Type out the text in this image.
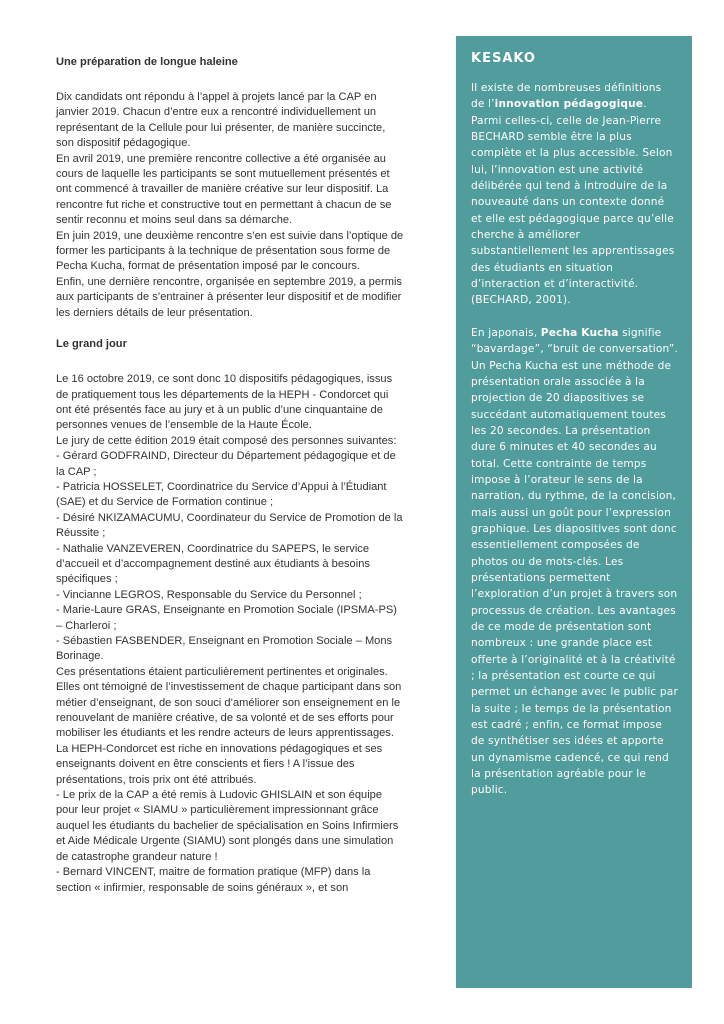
Une préparation de longue haleine

Dix candidats ont répondu à l’appel à projets lancé par la CAP en janvier 2019. Chacun d’entre eux a rencontré individuellement un représentant de la Cellule pour lui présenter, de manière succincte, son dispositif pédagogique.

En avril 2019, une première rencontre collective a été organisée au cours de laquelle les participants se sont mutuellement présentés et ont commencé à travailler de manière créative sur leur dispositif. La rencontre fut riche et constructive tout en permettant à chacun de se sentir reconnu et moins seul dans sa démarche.

En juin 2019, une deuxième rencontre s’en est suivie dans l’optique de former les participants à la technique de présentation sous forme de Pecha Kucha, format de présentation imposé par le concours.

Enfin, une dernière rencontre, organisée en septembre 2019, a permis aux participants de s’entrainer à présenter leur dispositif et de modifier les derniers détails de leur présentation.

Le grand jour

Le 16 octobre 2019, ce sont donc 10 dispositifs pédagogiques, issus de pratiquement tous les départements de la HEPH - Condorcet qui ont été présentés face au jury et à un public d’une cinquantaine de personnes venues de l’ensemble de la Haute École.

Le jury de cette édition 2019 était composé des personnes suivantes:

- Gérard GODFRAIND, Directeur du Département pédagogique et de la CAP ;

- Patricia HOSSELET, Coordinatrice du Service d’Appui à l’Étudiant (SAE) et du Service de Formation continue ;

- Désiré NKIZAMACUMU, Coordinateur du Service de Promotion de la Réussite ;

- Nathalie VANZEVEREN, Coordinatrice du SAPEPS, le service d’accueil et d’accompagnement destiné aux étudiants à besoins spécifiques ;

- Vincianne LEGROS, Responsable du Service du Personnel ;

- Marie-Laure GRAS, Enseignante en Promotion Sociale (IPSMA-PS) – Charleroi ;

- Sébastien FASBENDER, Enseignant en Promotion Sociale – Mons Borinage.

Ces présentations étaient particulièrement pertinentes et originales. Elles ont témoigné de l’investissement de chaque participant dans son métier d’enseignant, de son souci d’améliorer son enseignement en le renouvelant de manière créative, de sa volonté et de ses efforts pour mobiliser les étudiants et les rendre acteurs de leurs apprentissages.

La HEPH-Condorcet est riche en innovations pédagogiques et ses enseignants doivent en être conscients et fiers ! A l’issue des présentations, trois prix ont été attribués.

- Le prix de la CAP a été remis à Ludovic GHISLAIN et son équipe pour leur projet « SIAMU » particulièrement impressionnant grâce auquel les étudiants du bachelier de spécialisation en Soins Infirmiers et Aide Médicale Urgente (SIAMU) sont plongés dans une simulation de catastrophe grandeur nature !

- Bernard VINCENT, maitre de formation pratique (MFP) dans la section « infirmier, responsable de soins généraux », et son

KESAKO

Il existe de nombreuses définitions de l’innovation pédagogique. Parmi celles-ci, celle de Jean-Pierre BECHARD semble être la plus complète et la plus accessible. Selon lui, l’innovation est une activité délibérée qui tend à introduire de la nouveauté dans un contexte donné et elle est pédagogique parce qu’elle cherche à améliorer substantiellement les apprentissages des étudiants en situation d’interaction et d’interactivité. (BECHARD, 2001).

En japonais, Pecha Kucha signifie “bavardage”, “bruit de conversation”. Un Pecha Kucha est une méthode de présentation orale associée à la projection de 20 diapositives se succédant automatiquement toutes les 20 secondes. La présentation dure 6 minutes et 40 secondes au total. Cette contrainte de temps impose à l’orateur le sens de la narration, du rythme, de la concision, mais aussi un goût pour l’expression graphique. Les diapositives sont donc essentiellement composées de photos ou de mots-clés. Les présentations permettent l’exploration d’un projet à travers son processus de création. Les avantages de ce mode de présentation sont nombreux : une grande place est offerte à l’originalité et à la créativité ; la présentation est courte ce qui permet un échange avec le public par la suite ; le temps de la présentation est cadré ; enfin, ce format impose de synthétiser ses idées et apporte un dynamisme cadencé, ce qui rend la présentation agréable pour le public.
